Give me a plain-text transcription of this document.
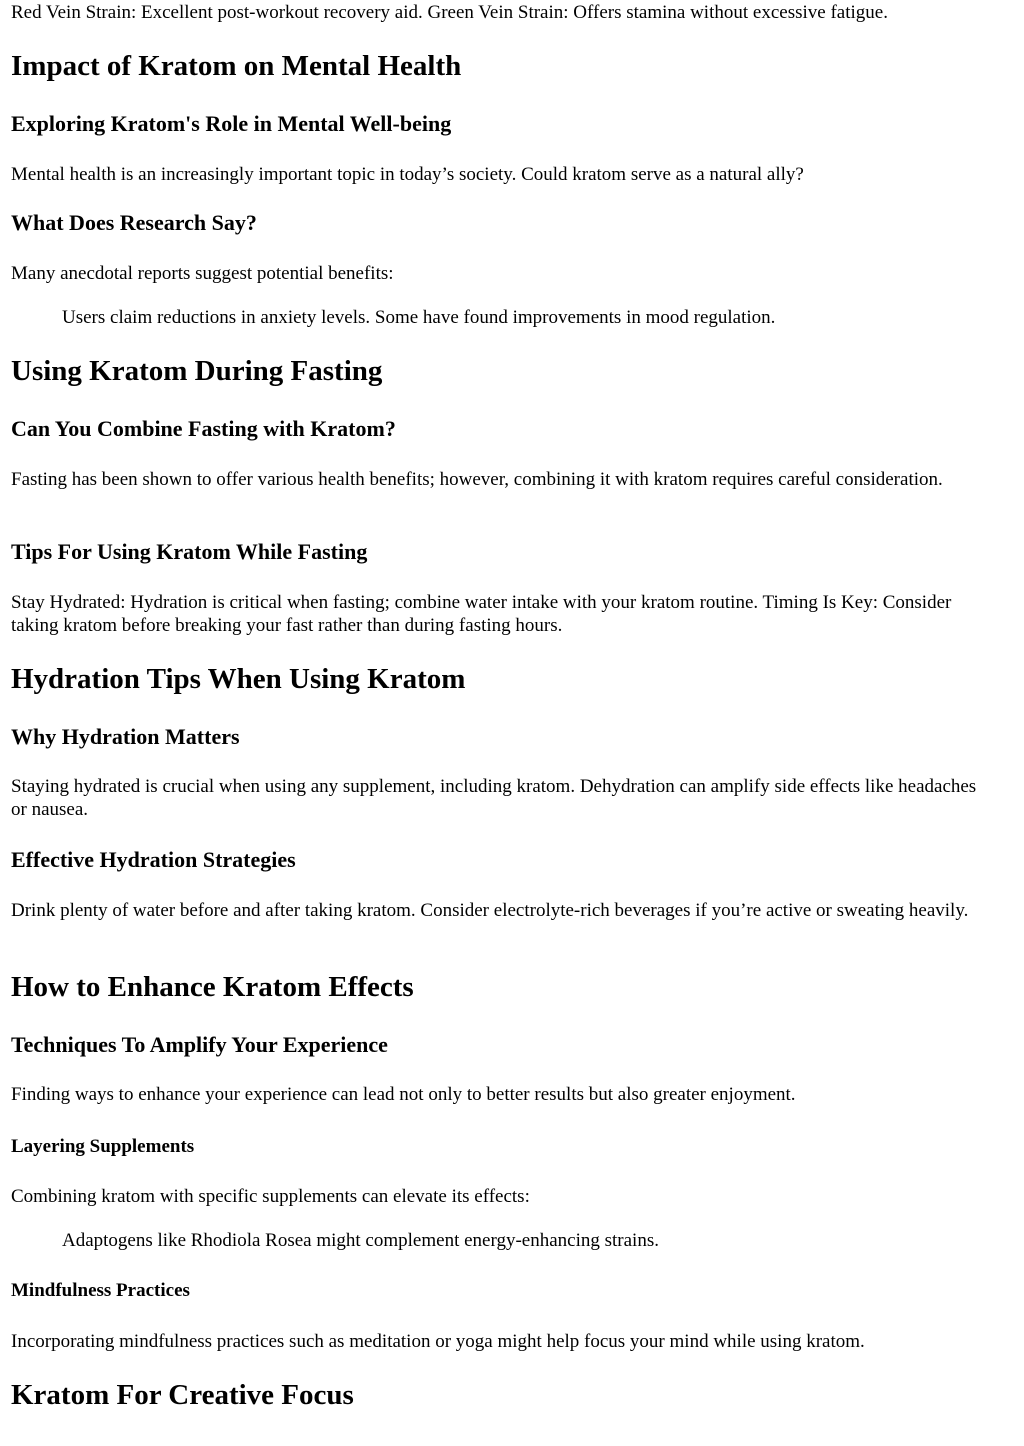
Red Vein Strain: Excellent post-workout recovery aid. Green Vein Strain: Offers stamina without excessive fatigue.

Impact of Kratom on Mental Health
Exploring Kratom's Role in Mental Well-being

Mental health is an increasingly important topic in today’s society. Could kratom serve as a natural ally?

What Does Research Say?

Many anecdotal reports suggest potential benefits:

Users claim reductions in anxiety levels. Some have found improvements in mood regulation.

Using Kratom During Fasting
Can You Combine Fasting with Kratom?

Fasting has been shown to offer various health benefits; however, combining it with kratom requires careful consideration.

Tips For Using Kratom While Fasting

Stay Hydrated: Hydration is critical when fasting; combine water intake with your kratom routine. Timing Is Key: Consider taking kratom before breaking your fast rather than during fasting hours.

Hydration Tips When Using Kratom
Why Hydration Matters

Staying hydrated is crucial when using any supplement, including kratom. Dehydration can amplify side effects like headaches or nausea.

Effective Hydration Strategies

Drink plenty of water before and after taking kratom. Consider electrolyte-rich beverages if you’re active or sweating heavily.

How to Enhance Kratom Effects
Techniques To Amplify Your Experience

Finding ways to enhance your experience can lead not only to better results but also greater enjoyment.

Layering Supplements

Combining kratom with specific supplements can elevate its effects:

Adaptogens like Rhodiola Rosea might complement energy-enhancing strains.

Mindfulness Practices

Incorporating mindfulness practices such as meditation or yoga might help focus your mind while using kratom.

Kratom For Creative Focus
